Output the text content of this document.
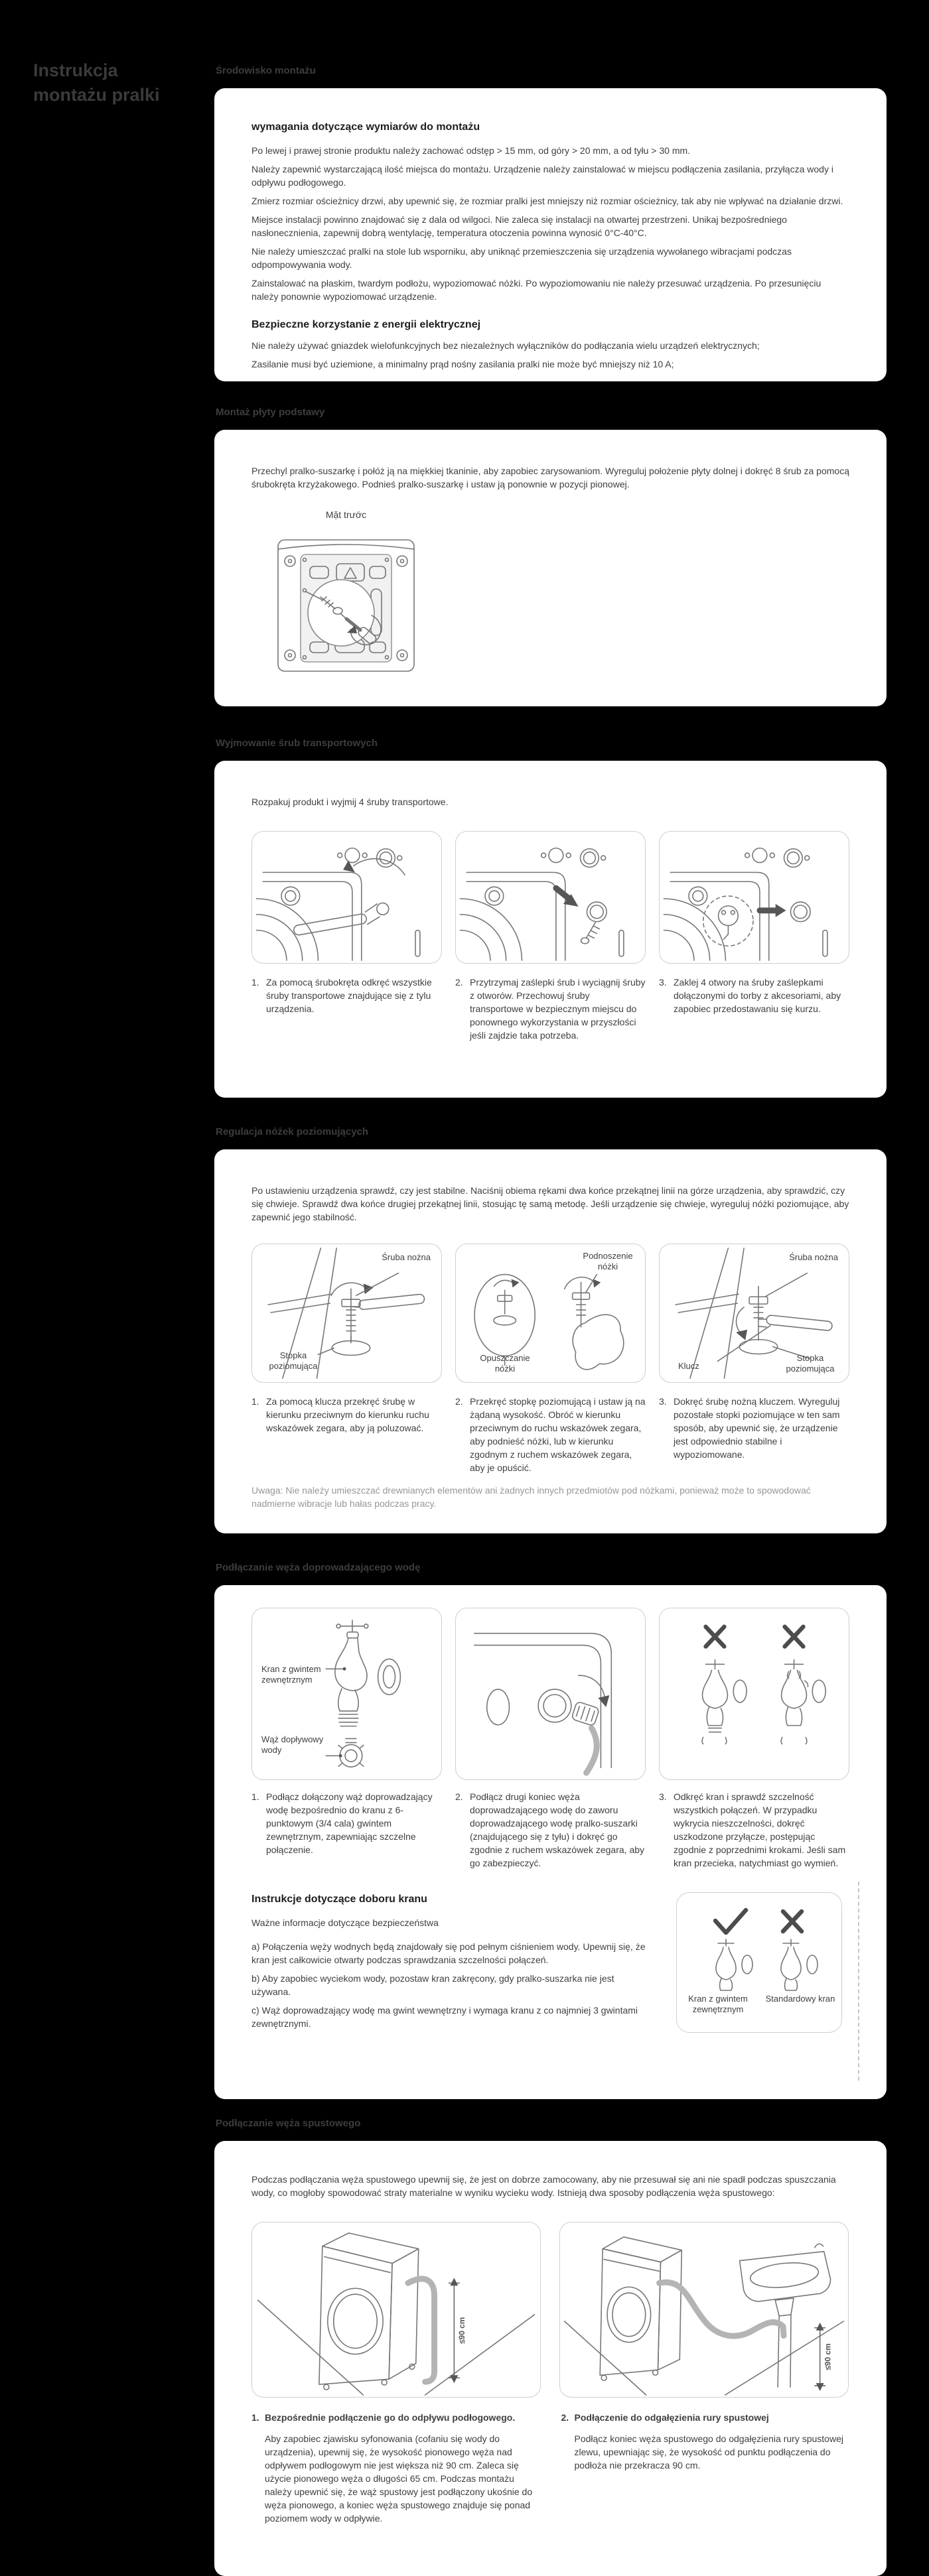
Instrukcja montażu pralki
Środowisko montażu
wymagania dotyczące wymiarów do montażu

Po lewej i prawej stronie produktu należy zachować odstęp > 15 mm, od góry > 20 mm, a od tyłu > 30 mm.

Należy zapewnić wystarczającą ilość miejsca do montażu. Urządzenie należy zainstalować w miejscu podłączenia zasilania, przyłącza wody i odpływu podłogowego.

Zmierz rozmiar ościeżnicy drzwi, aby upewnić się, że rozmiar pralki jest mniejszy niż rozmiar ościeżnicy, tak aby nie wpływać na działanie drzwi.

Miejsce instalacji powinno znajdować się z dala od wilgoci. Nie zaleca się instalacji na otwartej przestrzeni. Unikaj bezpośredniego nasłonecznienia, zapewnij dobrą wentylację, temperatura otoczenia powinna wynosić 0°C-40°C.

Nie należy umieszczać pralki na stole lub wsporniku, aby uniknąć przemieszczenia się urządzenia wywołanego wibracjami podczas odpompowywania wody.

Zainstalować na płaskim, twardym podłożu, wypoziomować nóżki. Po wypoziomowaniu nie należy przesuwać urządzenia. Po przesunięciu należy ponownie wypoziomować urządzenie.

Bezpieczne korzystanie z energii elektrycznej

Nie należy używać gniazdek wielofunkcyjnych bez niezależnych wyłączników do podłączania wielu urządzeń elektrycznych;

Zasilanie musi być uziemione, a minimalny prąd nośny zasilania pralki nie może być mniejszy niż 10 A;

Montaż płyty podstawy

Przechyl pralko-suszarkę i połóż ją na miękkiej tkaninie, aby zapobiec zarysowaniom. Wyreguluj położenie płyty dolnej i dokręć 8 śrub za pomocą śrubokręta krzyżakowego. Podnieś pralko-suszarkę i ustaw ją ponownie w pozycji pionowej.

Mặt trước
Wyjmowanie śrub transportowych

Rozpakuj produkt i wyjmij 4 śruby transportowe.

1. Za pomocą śrubokręta odkręć wszystkie śruby transportowe znajdujące się z tylu urządzenia.
2. Przytrzymaj zaślepki śrub i wyciągnij śruby z otworów. Przechowuj śruby transportowe w bezpiecznym miejscu do ponownego wykorzystania w przyszłości jeśli zajdzie taka potrzeba.
3. Zaklej 4 otwory na śruby zaślepkami dołączonymi do torby z akcesoriami, aby zapobiec przedostawaniu się kurzu.
Regulacja nóżek poziomujących

Po ustawieniu urządzenia sprawdź, czy jest stabilne. Naciśnij obiema rękami dwa końce przekątnej linii na górze urządzenia, aby sprawdzić, czy się chwieje. Sprawdź dwa końce drugiej przekątnej linii, stosując tę samą metodę. Jeśli urządzenie się chwieje, wyreguluj nóżki poziomujące, aby zapewnić jego stabilność.

Śruba nożna
Stopka poziomująca
Podnoszenie nóżki
Opuszczanie nóżki
Śruba nożna
Klucz
Stopka poziomująca
1. Za pomocą klucza przekręć śrubę w kierunku przeciwnym do kierunku ruchu wskazówek zegara, aby ją poluzować.
2. Przekręć stopkę poziomującą i ustaw ją na żądaną wysokość. Obróć w kierunku przeciwnym do ruchu wskazówek zegara, aby podnieść nóżki, lub w kierunku zgodnym z ruchem wskazówek zegara, aby je opuścić.
3. Dokręć śrubę nożną kluczem. Wyreguluj pozostałe stopki poziomujące w ten sam sposób, aby upewnić się, że urządzenie jest odpowiednio stabilne i wypoziomowane.
Uwaga: Nie należy umieszczać drewnianych elementów ani żadnych innych przedmiotów pod nóżkami, ponieważ może to spowodować nadmierne wibracje lub hałas podczas pracy.
Podłączanie węża doprowadzającego wodę
Kran z gwintem zewnętrznym
Wąż dopływowy wody
1. Podłącz dołączony wąż doprowadzający wodę bezpośrednio do kranu z 6-punktowym (3/4 cala) gwintem zewnętrznym, zapewniając szczelne połączenie.
2. Podłącz drugi koniec węża doprowadzającego wodę do zaworu doprowadzającego wodę pralko-suszarki (znajdującego się z tyłu) i dokręć go zgodnie z ruchem wskazówek zegara, aby go zabezpieczyć.
3. Odkręć kran i sprawdź szczelność wszystkich połączeń. W przypadku wykrycia nieszczelności, dokręć uszkodzone przyłącze, postępując zgodnie z poprzednimi krokami. Jeśli sam kran przecieka, natychmiast go wymień.
Instrukcje dotyczące doboru kranu

Ważne informacje dotyczące bezpieczeństwa

a) Połączenia węży wodnych będą znajdowały się pod pełnym ciśnieniem wody. Upewnij się, że kran jest całkowicie otwarty podczas sprawdzania szczelności połączeń.

b) Aby zapobiec wyciekom wody, pozostaw kran zakręcony, gdy pralko-suszarka nie jest używana.

c) Wąż doprowadzający wodę ma gwint wewnętrzny i wymaga kranu z co najmniej 3 gwintami zewnętrznymi.

Kran z gwintem zewnętrznym
Standardowy kran
Podłączanie węża spustowego

Podczas podłączania węża spustowego upewnij się, że jest on dobrze zamocowany, aby nie przesuwał się ani nie spadł podczas spuszczania wody, co mogłoby spowodować straty materialne w wyniku wycieku wody. Istnieją dwa sposoby podłączenia węża spustowego:

≤90 cm
≤90 cm
1. Bezpośrednie podłączenie go do odpływu podłogowego.
Aby zapobiec zjawisku syfonowania (cofaniu się wody do urządzenia), upewnij się, że wysokość pionowego węża nad odpływem podłogowym nie jest większa niż 90 cm. Zaleca się użycie pionowego węża o długości 65 cm. Podczas montażu należy upewnić się, że wąż spustowy jest podłączony ukośnie do węża pionowego, a koniec węża spustowego znajduje się ponad poziomem wody w odpływie.
2. Podłączenie do odgałęzienia rury spustowej
Podłącz koniec węża spustowego do odgałęzienia rury spustowej zlewu, upewniając się, że wysokość od punktu podłączenia do podłoża nie przekracza 90 cm.
